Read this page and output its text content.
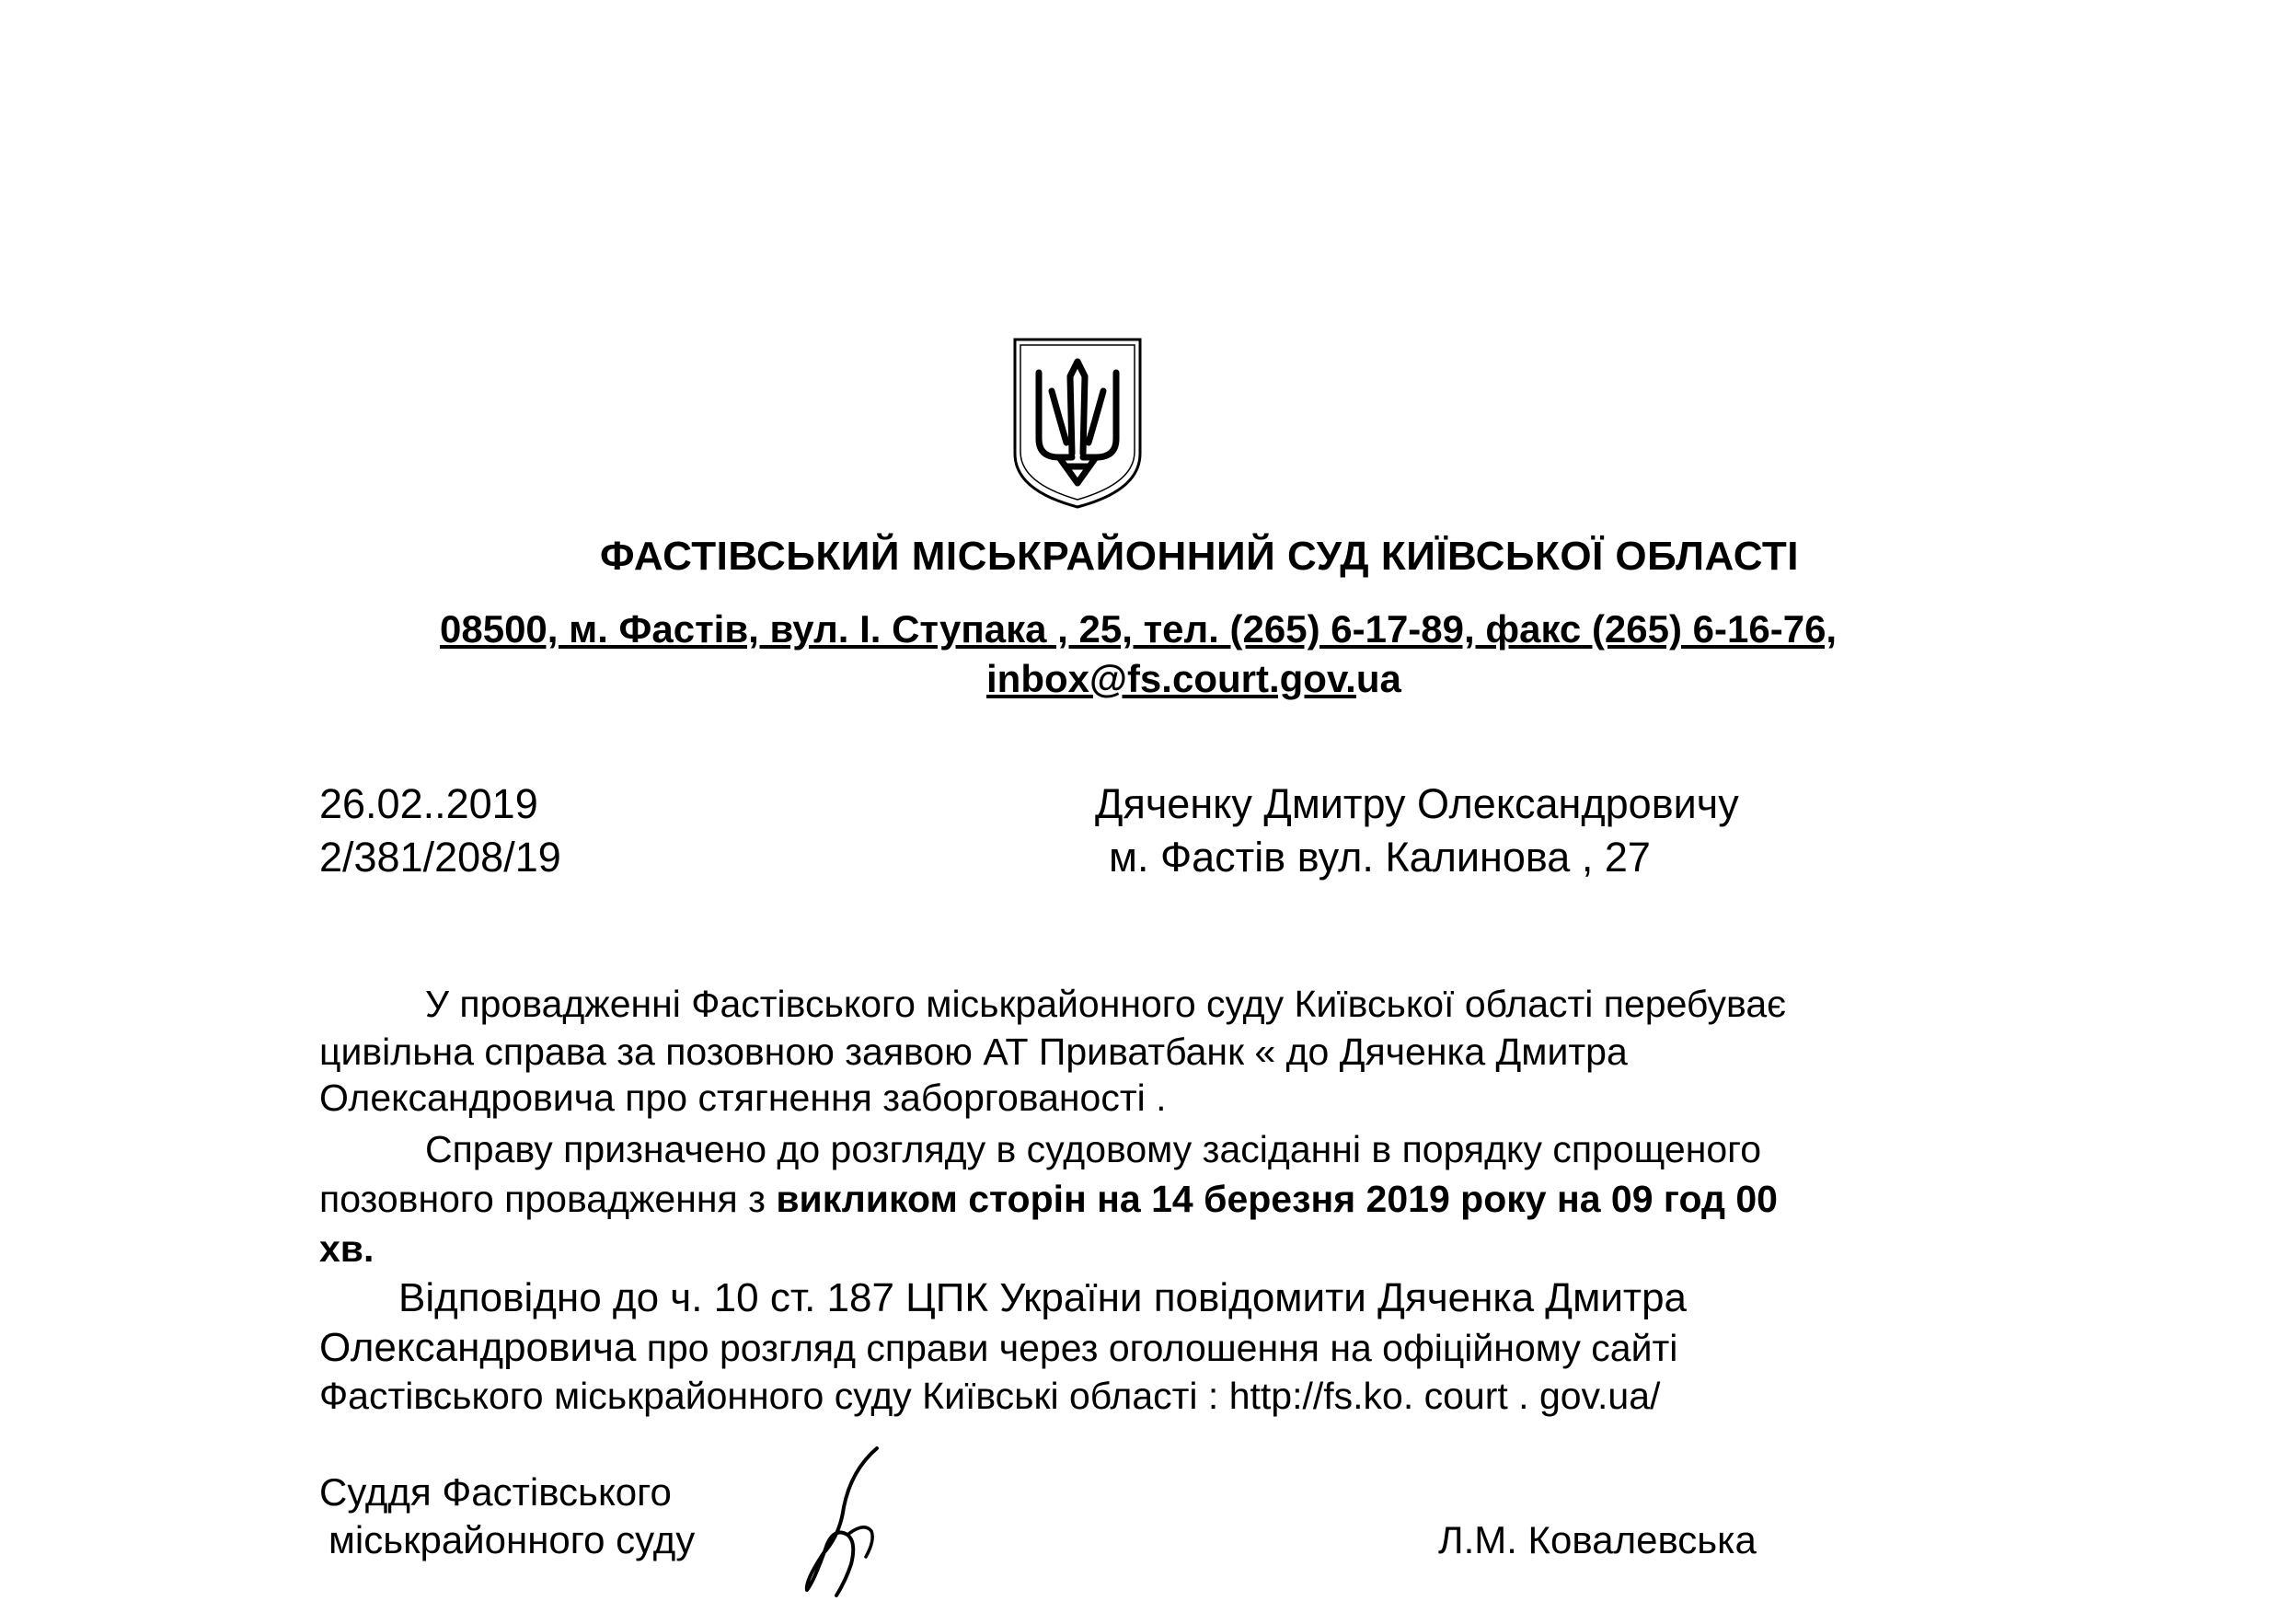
ФАСТІВСЬКИЙ МІСЬКРАЙОННИЙ СУД КИЇВСЬКОЇ ОБЛАСТІ
08500, м. Фастів, вул. І. Ступака , 25, тел. (265) 6-17-89, факс (265) 6-16-76,
inbox@fs.court.gov.ua
26.02..2019
2/381/208/19
Дяченку Дмитру Олександровичу
м. Фастів вул. Калинова , 27
У провадженні Фастівського міськрайонного суду Київської області перебуває
цивільна справа за позовною заявою АТ Приватбанк « до Дяченка Дмитра
Олександровича про стягнення заборгованості .
Справу призначено до розгляду в судовому засіданні в порядку спрощеного
позовного провадження з викликом сторін на 14 березня 2019 року на 09 год 00
хв.
Відповідно до ч. 10 ст. 187 ЦПК України повідомити Дяченка Дмитра
Олександровича про розгляд справи через оголошення на офіційному сайті
Фастівського міськрайонного суду Київські області : http://fs.ko. court . gov.ua/
Суддя Фастівського
міськрайонного суду	Л.М. Ковалевська
